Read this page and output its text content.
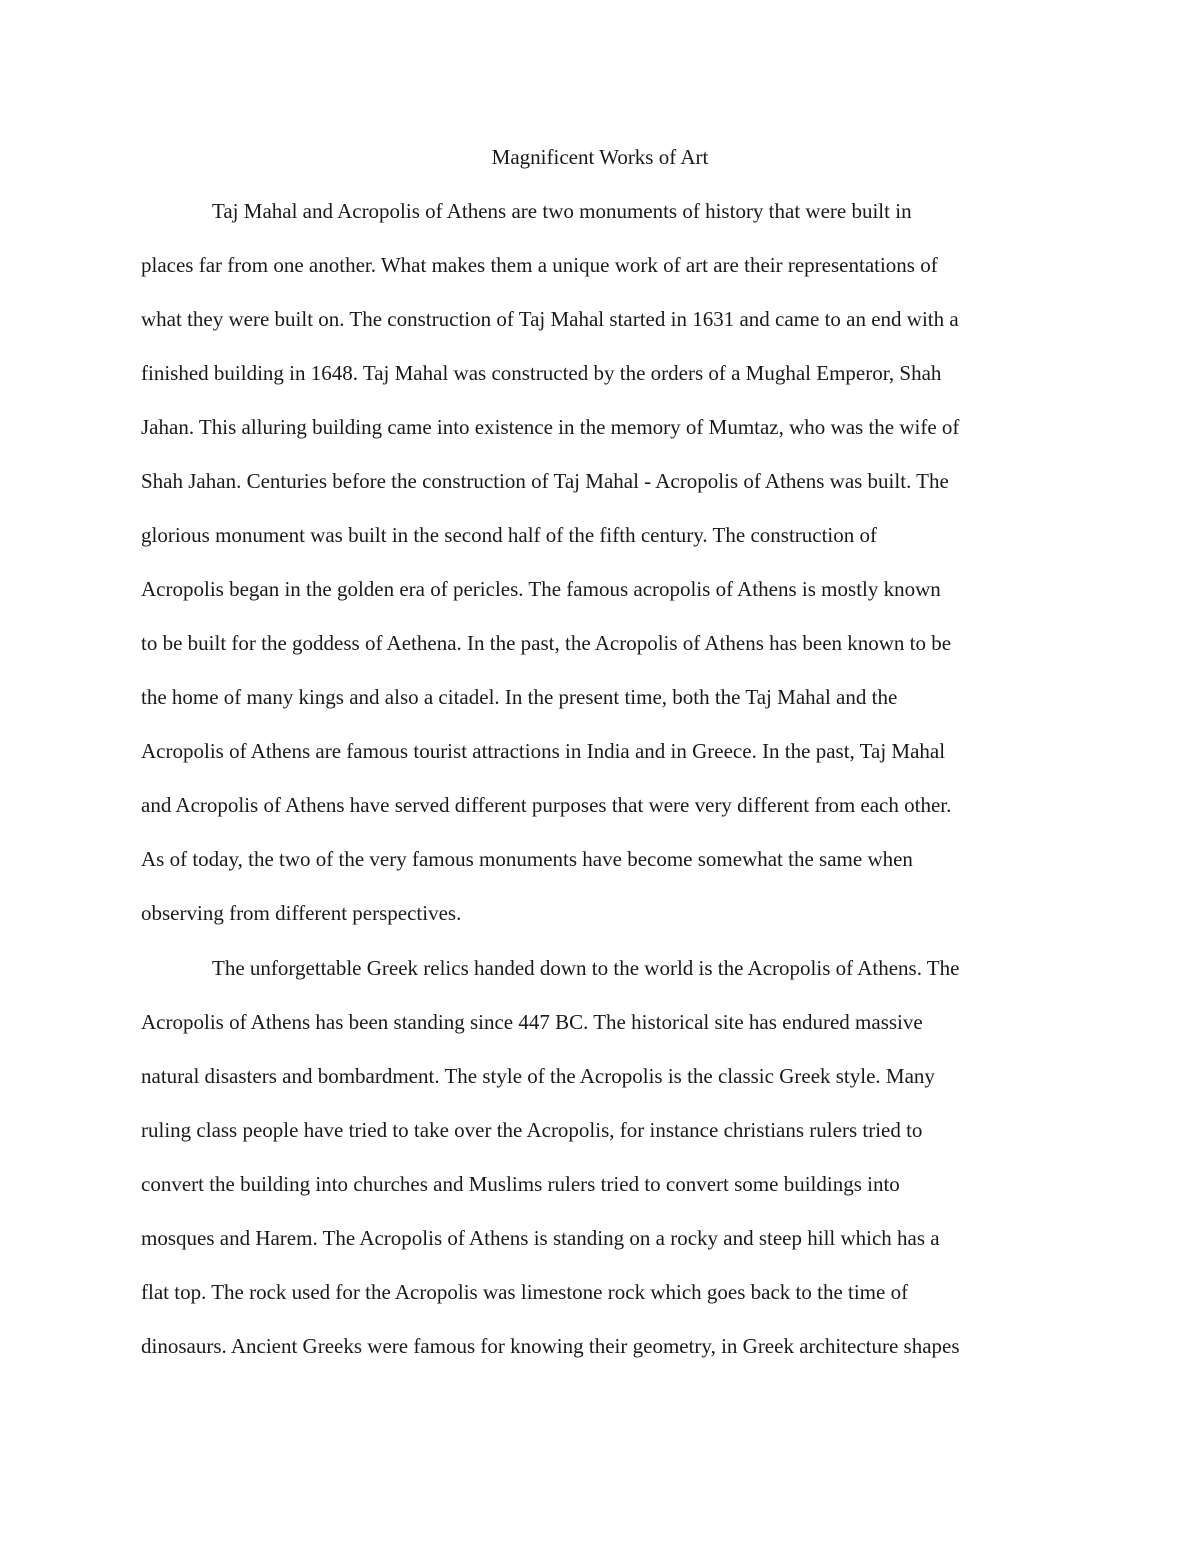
Magnificent Works of Art
Taj Mahal and Acropolis of Athens are two monuments of history that were built in
places far from one another. What makes them a unique work of art are their representations of
what they were built on. The construction of Taj Mahal started in 1631 and came to an end with a
finished building in 1648. Taj Mahal was constructed by the orders of a Mughal Emperor, Shah
Jahan. This alluring building came into existence in the memory of Mumtaz, who was the wife of
Shah Jahan. Centuries before the construction of Taj Mahal - Acropolis of Athens was built. The
glorious monument was built in the second half of the fifth century. The construction of
Acropolis began in the golden era of pericles. The famous acropolis of Athens is mostly known
to be built for the goddess of Aethena. In the past, the Acropolis of Athens has been known to be
the home of many kings and also a citadel. In the present time, both the Taj Mahal and the
Acropolis of Athens are famous tourist attractions in India and in Greece. In the past, Taj Mahal
and Acropolis of Athens have served different purposes that were very different from each other.
As of today, the two of the very famous monuments have become somewhat the same when
observing from different perspectives.
The unforgettable Greek relics handed down to the world is the Acropolis of Athens. The
Acropolis of Athens has been standing since 447 BC. The historical site has endured massive
natural disasters and bombardment. The style of the Acropolis is the classic Greek style. Many
ruling class people have tried to take over the Acropolis, for instance christians rulers tried to
convert the building into churches and Muslims rulers tried to convert some buildings into
mosques and Harem. The Acropolis of Athens is standing on a rocky and steep hill which has a
flat top. The rock used for the Acropolis was limestone rock which goes back to the time of
dinosaurs. Ancient Greeks were famous for knowing their geometry, in Greek architecture shapes
